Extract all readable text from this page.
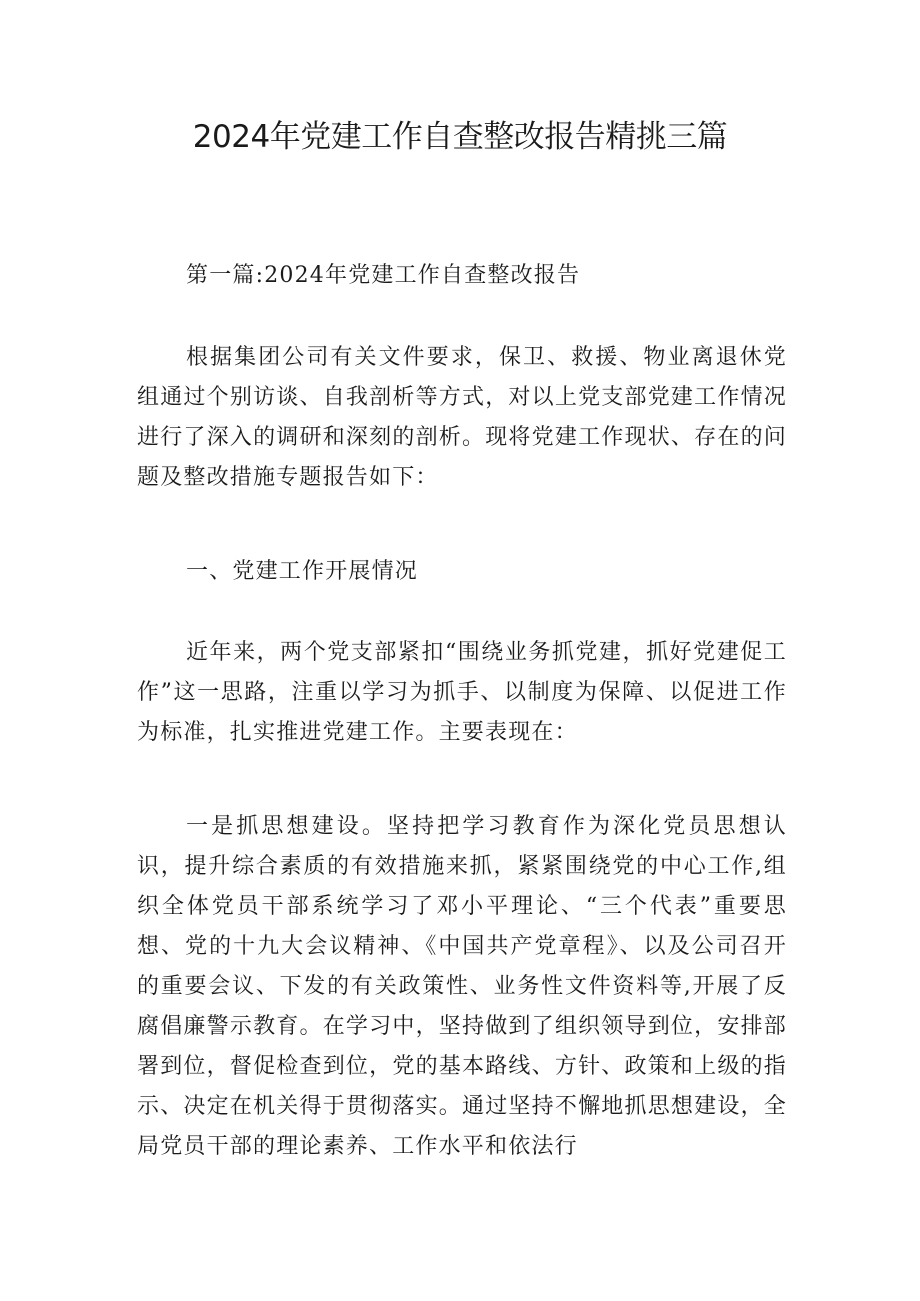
2024年党建工作自查整改报告精挑三篇

第一篇:2024年党建工作自查整改报告

根据集团公司有关文件要求，保卫、救援、物业离退休党组通过个别访谈、自我剖析等方式，对以上党支部党建工作情况进行了深入的调研和深刻的剖析。现将党建工作现状、存在的问题及整改措施专题报告如下：

一、党建工作开展情况

近年来，两个党支部紧扣“围绕业务抓党建，抓好党建促工作”这一思路，注重以学习为抓手、以制度为保障、以促进工作为标准，扎实推进党建工作。主要表现在：

一是抓思想建设。坚持把学习教育作为深化党员思想认识，提升综合素质的有效措施来抓，紧紧围绕党的中心工作,组织全体党员干部系统学习了邓小平理论、“三个代表”重要思想、党的十九大会议精神、《中国共产党章程》、以及公司召开的重要会议、下发的有关政策性、业务性文件资料等,开展了反腐倡廉警示教育。在学习中，坚持做到了组织领导到位，安排部署到位，督促检查到位，党的基本路线、方针、政策和上级的指示、决定在机关得于贯彻落实。通过坚持不懈地抓思想建设，全局党员干部的理论素养、工作水平和依法行
